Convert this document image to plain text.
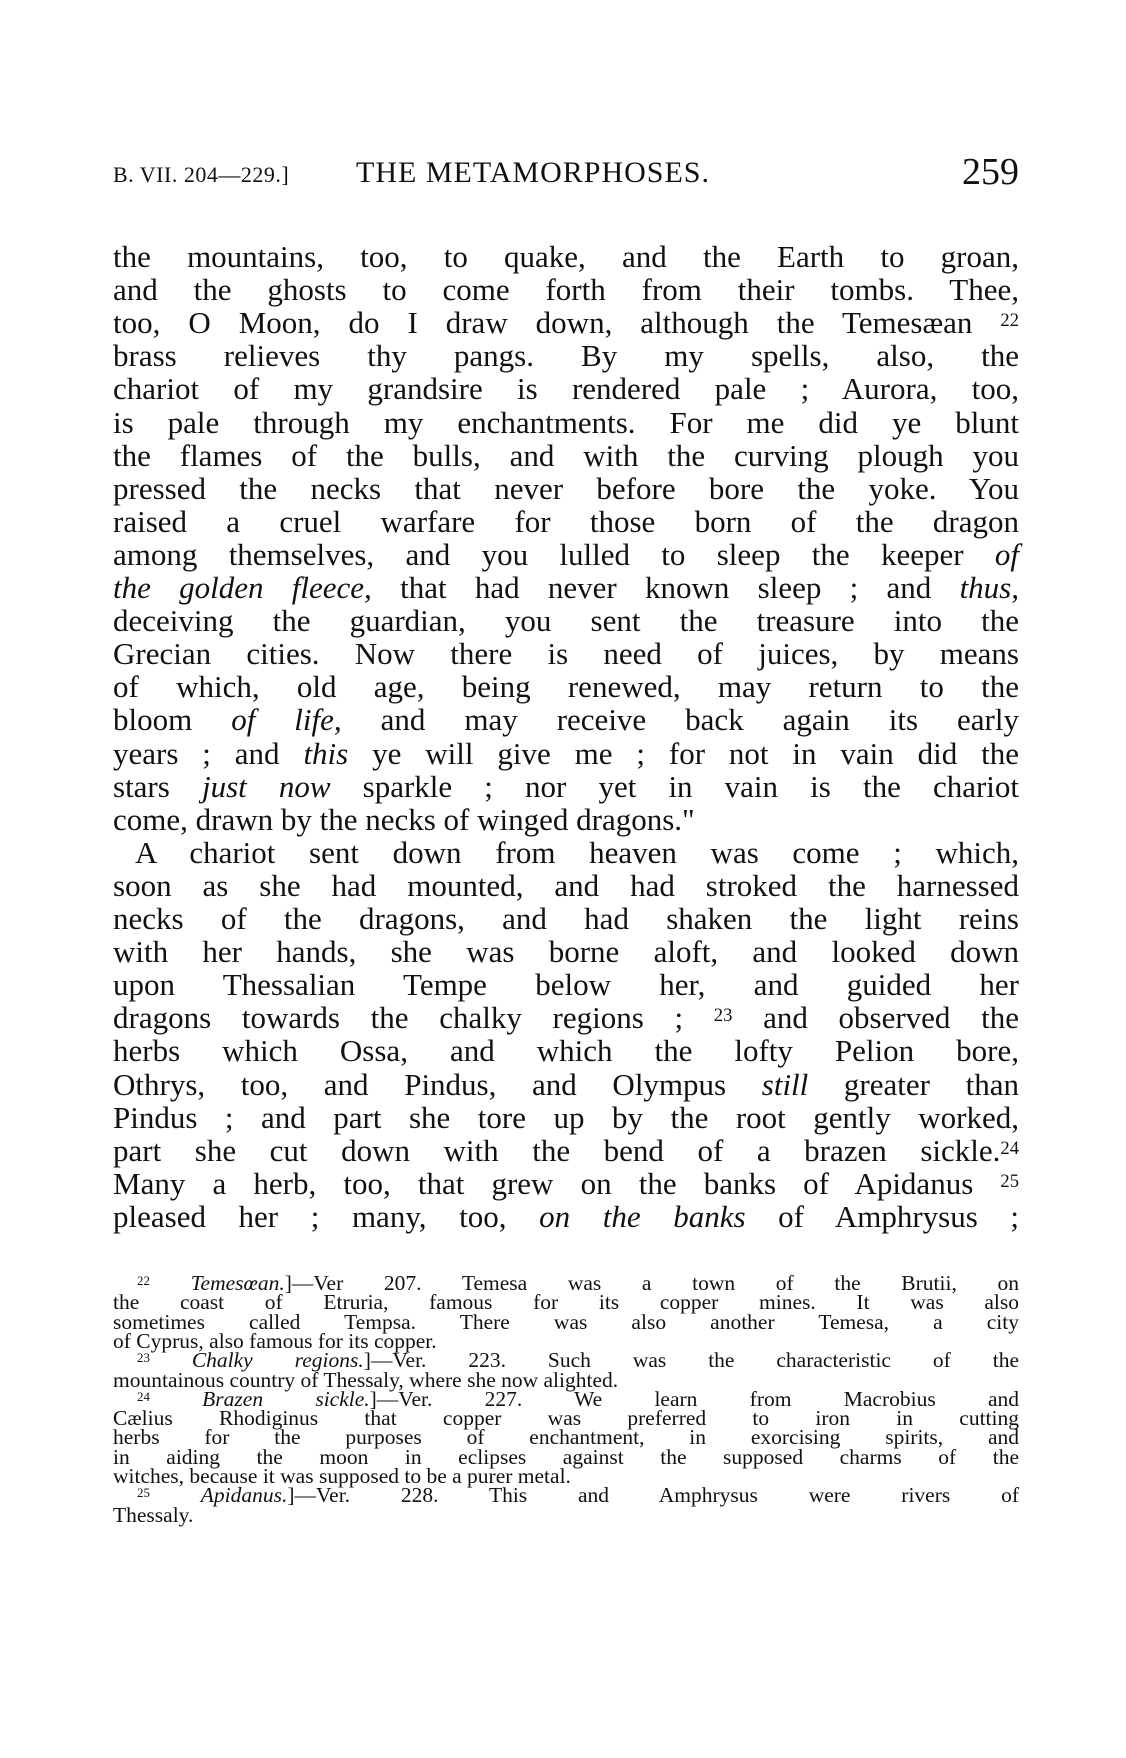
B. VII. 204—229.] THE METAMORPHOSES.	259
the mountains, too, to quake, and the Earth to groan,
and the ghosts to come forth from their tombs. Thee,
too, O Moon, do I draw down, although the Temesæan $^{22}$
brass relieves thy pangs. By my spells, also, the
chariot of my grandsire is rendered pale ; Aurora, too,
is pale through my enchantments. For me did ye blunt
the flames of the bulls, and with the curving plough you
pressed the necks that never before bore the yoke. You
raised a cruel warfare for those born of the dragon
among themselves, and you lulled to sleep the keeper of
the golden fleece, that had never known sleep ; and thus,
deceiving the guardian, you sent the treasure into the
Grecian cities. Now there is need of juices, by means
of which, old age, being renewed, may return to the
bloom of life, and may receive back again its early
years ; and this ye will give me ; for not in vain did the
stars just now sparkle ; nor yet in vain is the chariot
come, drawn by the necks of winged dragons."
A chariot sent down from heaven was come ; which,
soon as she had mounted, and had stroked the harnessed
necks of the dragons, and had shaken the light reins
with her hands, she was borne aloft, and looked down
upon Thessalian Tempe below her, and guided her
dragons towards the chalky regions ; $^{23}$ and observed the
herbs which Ossa, and which the lofty Pelion bore,
Othrys, too, and Pindus, and Olympus still greater than
Pindus ; and part she tore up by the root gently worked,
part she cut down with the bend of a brazen sickle.$^{24}$
Many a herb, too, that grew on the banks of Apidanus $^{25}$
pleased her ; many, too, on the banks of Amphrysus ;
$^{22}$ Temesœan.]—Ver 207. Temesa was a town of the Brutii, on
the coast of Etruria, famous for its copper mines. It was also
sometimes called Tempsa. There was also another Temesa, a city
of Cyprus, also famous for its copper.
$^{23}$ Chalky regions.]—Ver. 223. Such was the characteristic of the
mountainous country of Thessaly, where she now alighted.
$^{24}$ Brazen sickle.]—Ver. 227. We learn from Macrobius and
Cælius Rhodiginus that copper was preferred to iron in cutting
herbs for the purposes of enchantment, in exorcising spirits, and
in aiding the moon in eclipses against the supposed charms of the
witches, because it was supposed to be a purer metal.
$^{25}$ Apidanus.]—Ver. 228. This and Amphrysus were rivers of
Thessaly.
